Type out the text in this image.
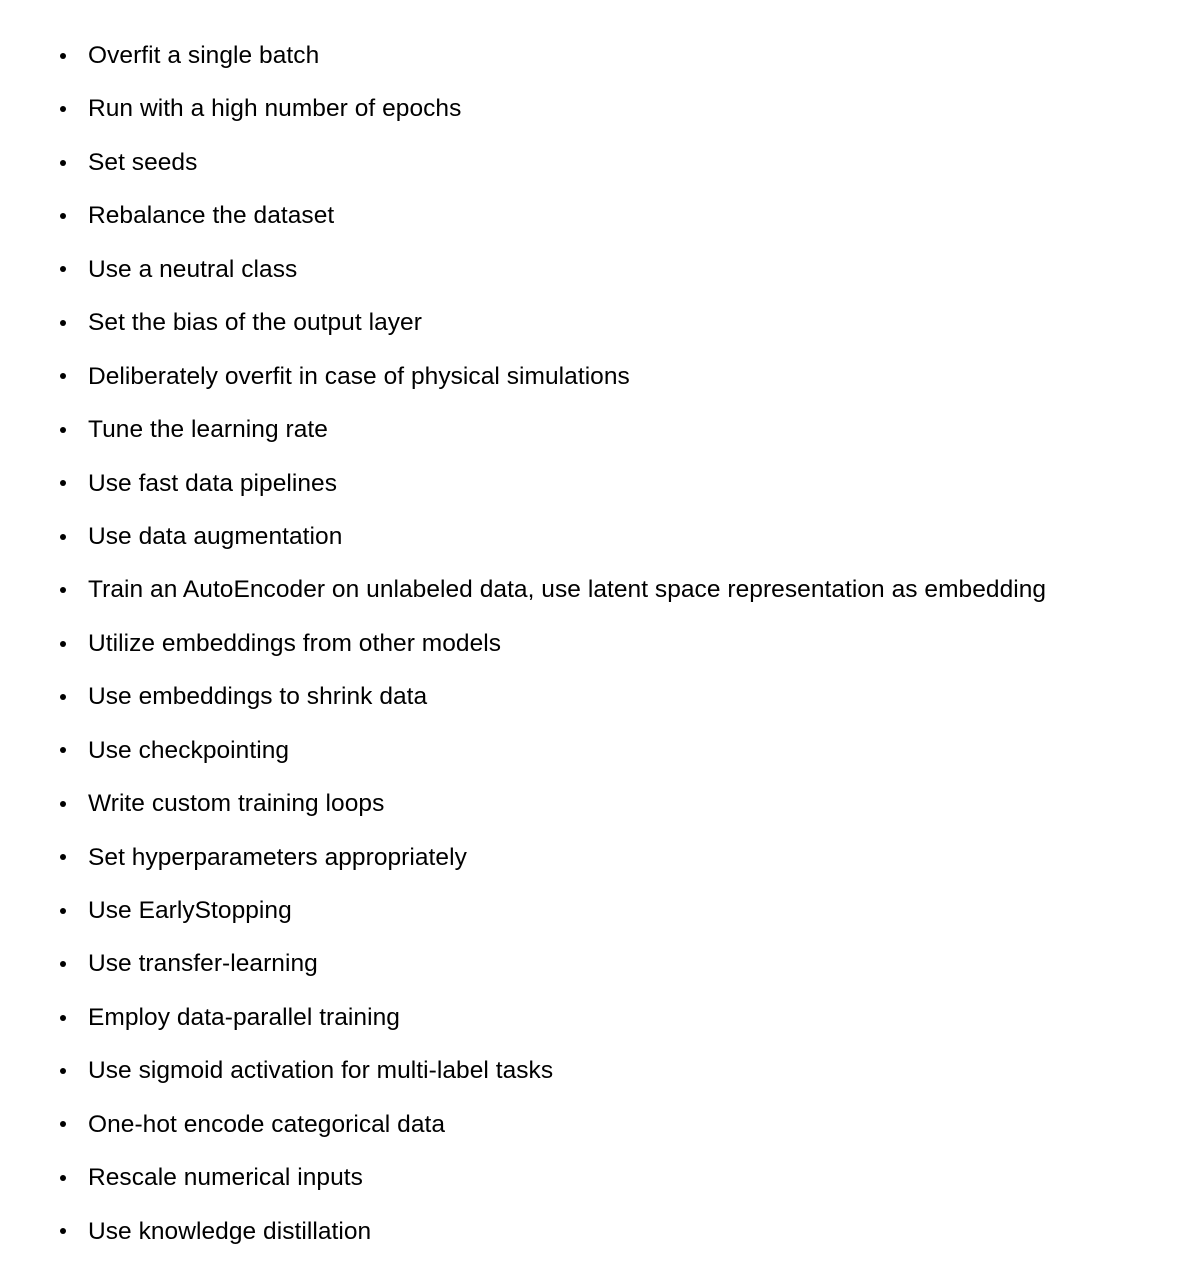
Overfit a single batch
Run with a high number of epochs
Set seeds
Rebalance the dataset
Use a neutral class
Set the bias of the output layer
Deliberately overfit in case of physical simulations
Tune the learning rate
Use fast data pipelines
Use data augmentation
Train an AutoEncoder on unlabeled data, use latent space representation as embedding
Utilize embeddings from other models
Use embeddings to shrink data
Use checkpointing
Write custom training loops
Set hyperparameters appropriately
Use EarlyStopping
Use transfer‑learning
Employ data‑parallel training
Use sigmoid activation for multi‑label tasks
One‑hot encode categorical data
Rescale numerical inputs
Use knowledge distillation
